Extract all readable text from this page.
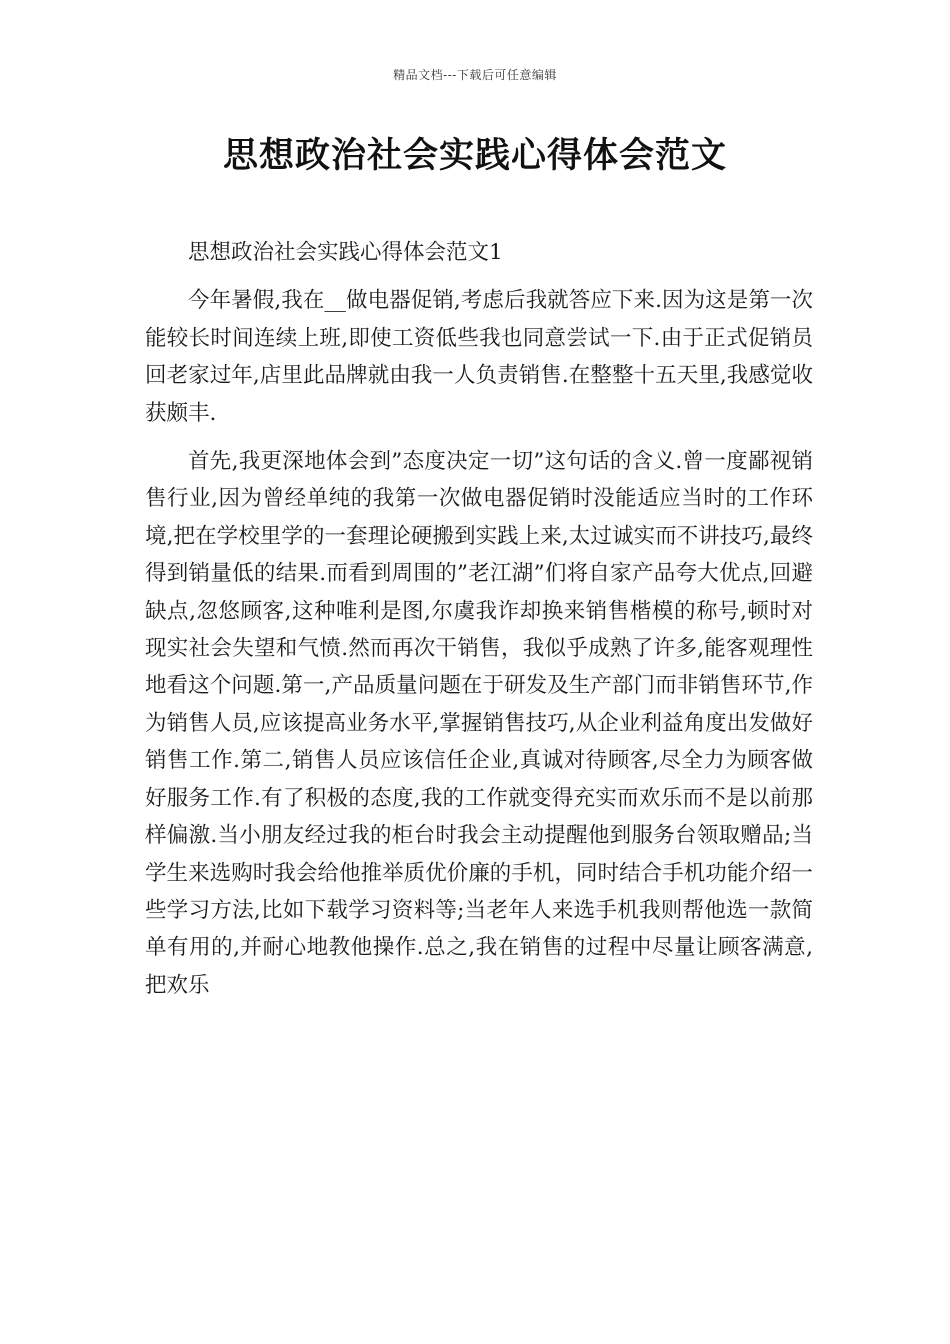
精品文档---下载后可任意编辑
思想政治社会实践心得体会范文

思想政治社会实践心得体会范文1

今年暑假,我在__做电器促销,考虑后我就答应下来.因为这是第一次能较长时间连续上班,即使工资低些我也同意尝试一下.由于正式促销员回老家过年,店里此品牌就由我一人负责销售.在整整十五天里,我感觉收获颇丰.

首先,我更深地体会到”态度决定一切”这句话的含义.曾一度鄙视销售行业,因为曾经单纯的我第一次做电器促销时没能适应当时的工作环境,把在学校里学的一套理论硬搬到实践上来,太过诚实而不讲技巧,最终得到销量低的结果.而看到周围的”老江湖”们将自家产品夸大优点,回避缺点,忽悠顾客,这种唯利是图,尔虞我诈却换来销售楷模的称号,顿时对现实社会失望和气愤.然而再次干销售，我似乎成熟了许多,能客观理性地看这个问题.第一,产品质量问题在于研发及生产部门而非销售环节,作为销售人员,应该提高业务水平,掌握销售技巧,从企业利益角度出发做好销售工作.第二,销售人员应该信任企业,真诚对待顾客,尽全力为顾客做好服务工作.有了积极的态度,我的工作就变得充实而欢乐而不是以前那样偏激.当小朋友经过我的柜台时我会主动提醒他到服务台领取赠品;当学生来选购时我会给他推举质优价廉的手机，同时结合手机功能介绍一些学习方法,比如下载学习资料等;当老年人来选手机我则帮他选一款简单有用的,并耐心地教他操作.总之,我在销售的过程中尽量让顾客满意,把欢乐
